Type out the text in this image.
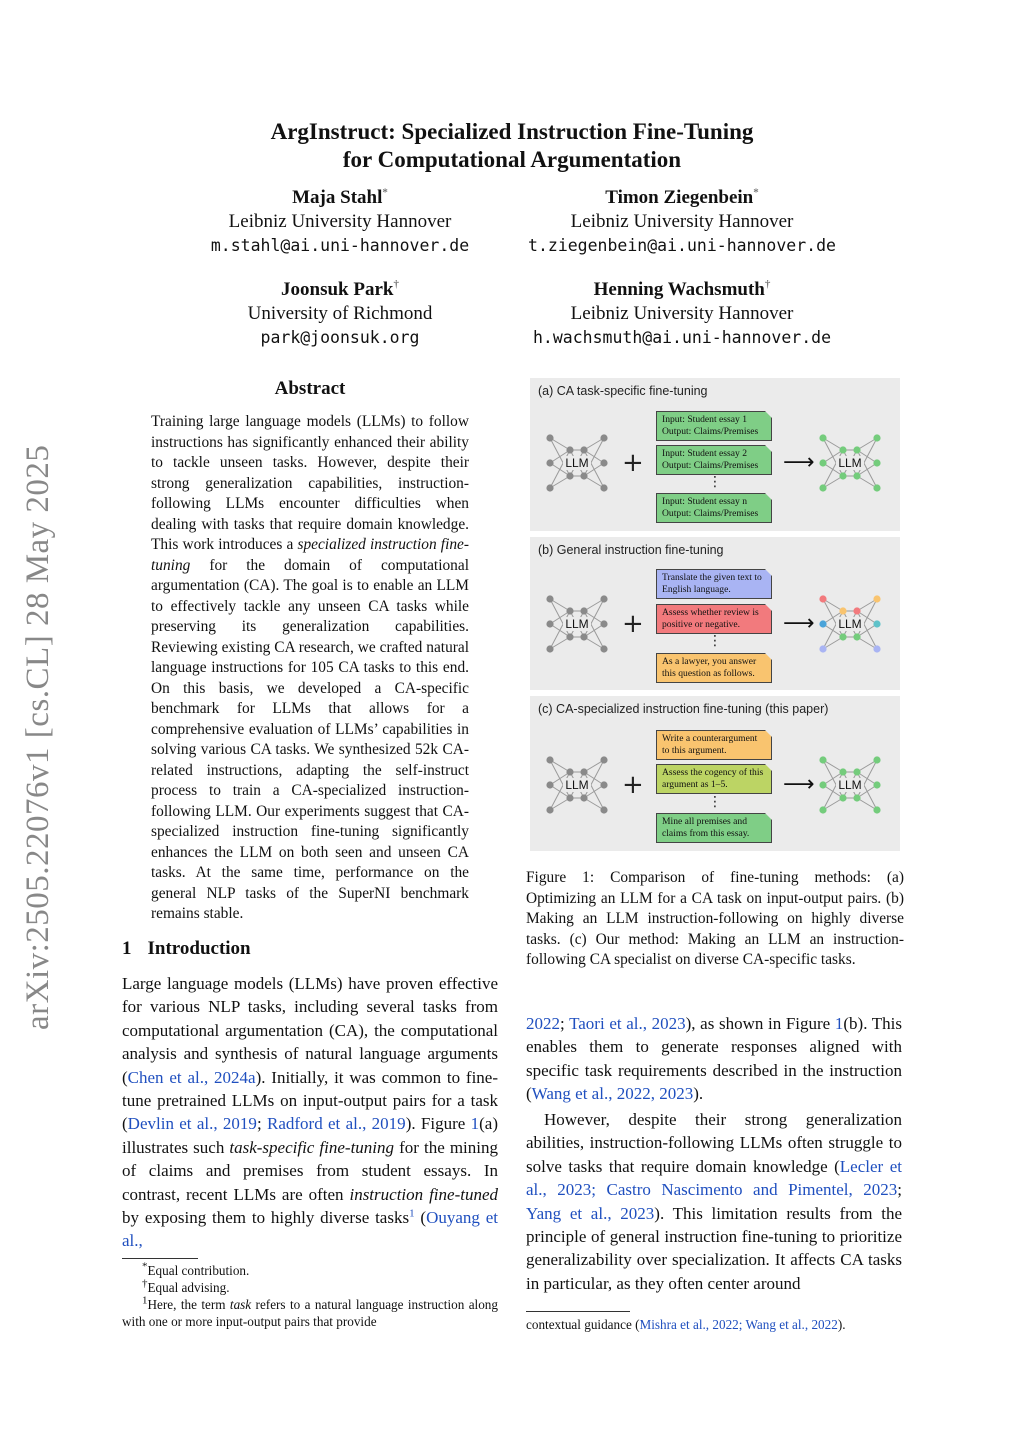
arXiv:2505.22076v1 [cs.CL] 28 May 2025
ArgInstruct: Specialized Instruction Fine-Tuning
for Computational Argumentation
Maja Stahl*
Leibniz University Hannover
m.stahl@ai.uni-hannover.de
Timon Ziegenbein*
Leibniz University Hannover
t.ziegenbein@ai.uni-hannover.de
Joonsuk Park†
University of Richmond
park@joonsuk.org
Henning Wachsmuth†
Leibniz University Hannover
h.wachsmuth@ai.uni-hannover.de
Abstract
Training large language models (LLMs) to follow instructions has significantly enhanced their ability to tackle unseen tasks. However, despite their strong generalization capabilities, instruction-following LLMs encounter difficulties when dealing with tasks that require domain knowledge. This work introduces a specialized instruction fine-tuning for the domain of computational argumentation (CA). The goal is to enable an LLM to effectively tackle any unseen CA tasks while preserving its generalization capabilities. Reviewing existing CA research, we crafted natural language instructions for 105 CA tasks to this end. On this basis, we developed a CA-specific benchmark for LLMs that allows for a comprehensive evaluation of LLMs’ capabilities in solving various CA tasks. We synthesized 52k CA-related instructions, adapting the self-instruct process to train a CA-specialized instruction-following LLM. Our experiments suggest that CA-specialized instruction fine-tuning significantly enhances the LLM on both seen and unseen CA tasks. At the same time, performance on the general NLP tasks of the SuperNI benchmark remains stable.
1 Introduction
Large language models (LLMs) have proven effective for various NLP tasks, including several tasks from computational argumentation (CA), the computational analysis and synthesis of natural language arguments (Chen et al., 2024a). Initially, it was common to fine-tune pretrained LLMs on input-output pairs for a task (Devlin et al., 2019; Radford et al., 2019). Figure 1(a) illustrates such task-specific fine-tuning for the mining of claims and premises from student essays. In contrast, recent LLMs are often instruction fine-tuned by exposing them to highly diverse tasks$^1$ (Ouyang et al.,
*Equal contribution.
†Equal advising.
$^1$Here, the term task refers to a natural language instruction along with one or more input-output pairs that provide
(a) CA task-specific fine-tuning
LLM +
Input: Student essay 1 Output: Claims/Premises
Input: Student essay 2 Output: Claims/Premises
⋮
Input: Student essay n Output: Claims/Premises
⟶ LLM
(b) General instruction fine-tuning
LLM +
Translate the given text to English language.
Assess whether review is positive or negative.
⋮
As a lawyer, you answer this question as follows.
⟶ LLM
(c) CA-specialized instruction fine-tuning (this paper)
LLM +
Write a counterargument to this argument.
Assess the cogency of this argument as 1–5.
⋮
Mine all premises and claims from this essay.
⟶ LLM
Figure 1: Comparison of fine-tuning methods: (a) Optimizing an LLM for a CA task on input-output pairs. (b) Making an LLM instruction-following on highly diverse tasks. (c) Our method: Making an LLM an instruction-following CA specialist on diverse CA-specific tasks.
2022; Taori et al., 2023), as shown in Figure 1(b). This enables them to generate responses aligned with specific task requirements described in the instruction (Wang et al., 2022, 2023).
However, despite their strong generalization abilities, instruction-following LLMs often struggle to solve tasks that require domain knowledge (Lecler et al., 2023; Castro Nascimento and Pimentel, 2023; Yang et al., 2023). This limitation results from the principle of general instruction fine-tuning to prioritize generalizability over specialization. It affects CA tasks in particular, as they often center around
contextual guidance (Mishra et al., 2022; Wang et al., 2022).
